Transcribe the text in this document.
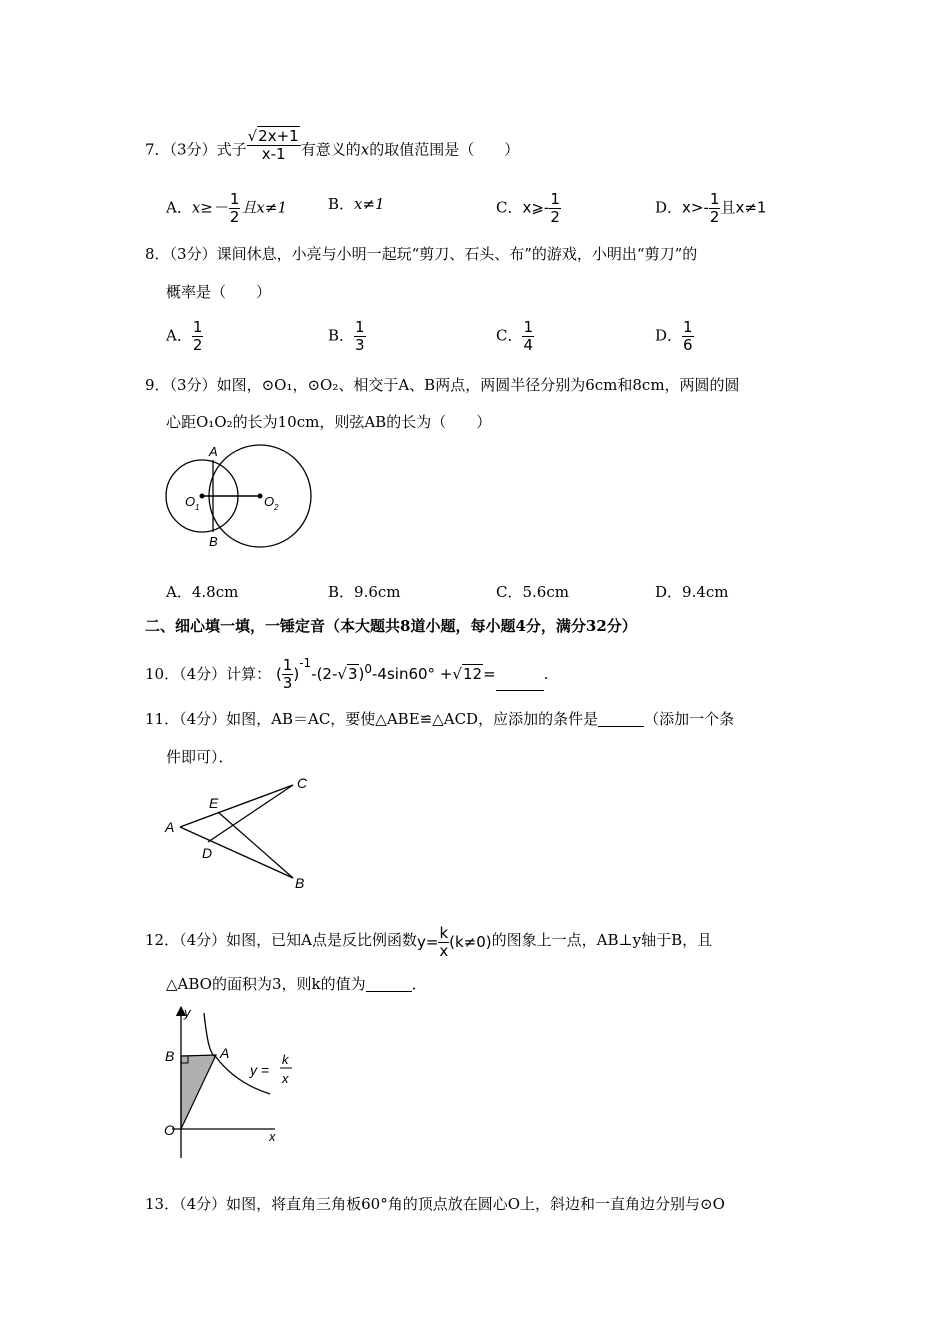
7．（3分）式子 $\frac{√2x+1}{x-1}$ 有意义的x的取值范围是（　　）
A．$x\ge- \frac{1}{2}$ 且x≠1	B．x≠1	C．x⩾- $\frac{1}{2}$	D．$x>- \frac{1}{2}$ 且x≠1
8．（3分）课间休息，小亮与小明一起玩“剪刀、石头、布”的游戏，小明出“剪刀”的
概率是（　　）
A． $\frac{1}{2}$	B． $\frac{1}{3}$	C． $\frac{1}{4}$	D． $\frac{1}{6}$
9．（3分）如图，⊙O₁，⊙O₂、相交于A、B两点，两圆半径分别为6cm和8cm，两圆的圆
心距O₁O₂的长为10cm，则弦AB的长为（　　）
A
B
O 1	O 2
A．4.8cm	B．9.6cm	C．5.6cm	D．9.4cm
二、细心填一填，一锤定音（本大题共8道小题，每小题4分，满分32分）
10．（4分）计算： ( $\frac{1}{3} )^{-1}-(2-√3)^0-4\sin 60^\circ +√12=$	.
11．（4分）如图，AB＝AC，要使△ABE≌△ACD，应添加的条件是	（添加一个条
件即可）．
A
C
B
E
D
12．（4分）如图，已知A点是反比例函数$y= \frac{k}{x} (k\ne 0)$的图象上一点，AB⊥y轴于B，且
△ABO的面积为3，则k的值为	．
y
x
O
B	A
y =
k
x
13．（4分）如图，将直角三角板60°角的顶点放在圆心O上，斜边和一直角边分别与⊙O
